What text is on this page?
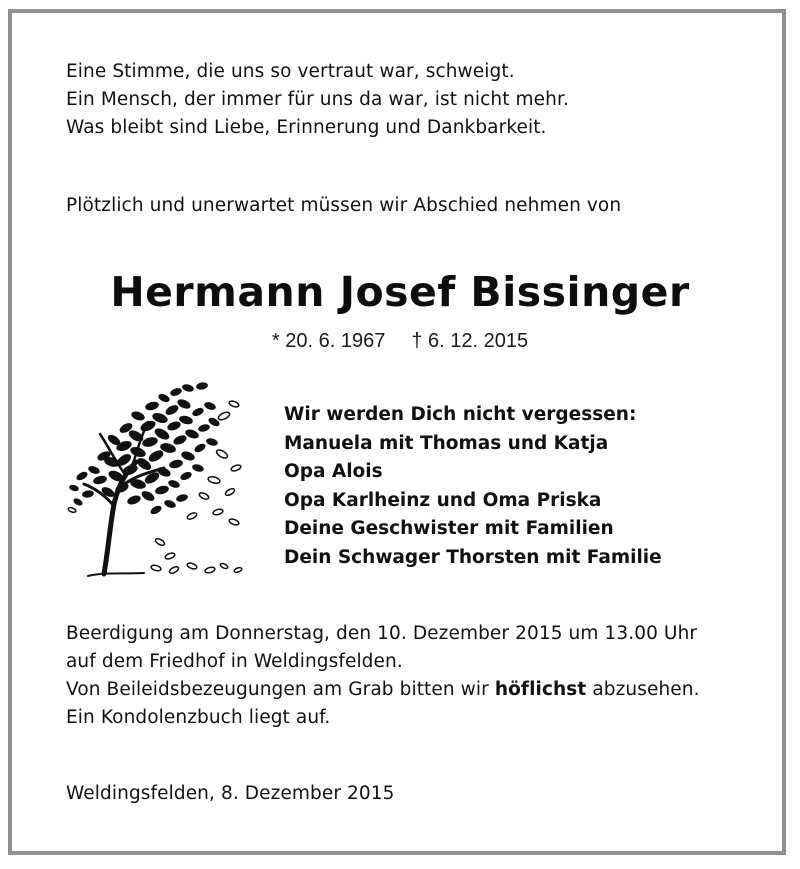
Eine Stimme, die uns so vertraut war, schweigt.
Ein Mensch, der immer für uns da war, ist nicht mehr.
Was bleibt sind Liebe, Erinnerung und Dankbarkeit.
Plötzlich und unerwartet müssen wir Abschied nehmen von
Hermann Josef Bissinger
* 20. 6. 1967 † 6. 12. 2015
Wir werden Dich nicht vergessen:
Manuela mit Thomas und Katja
Opa Alois
Opa Karlheinz und Oma Priska
Deine Geschwister mit Familien
Dein Schwager Thorsten mit Familie
Beerdigung am Donnerstag, den 10. Dezember 2015 um 13.00 Uhr
auf dem Friedhof in Weldingsfelden.
Von Beileidsbezeugungen am Grab bitten wir höflichst abzusehen.
Ein Kondolenzbuch liegt auf.
Weldingsfelden, 8. Dezember 2015
